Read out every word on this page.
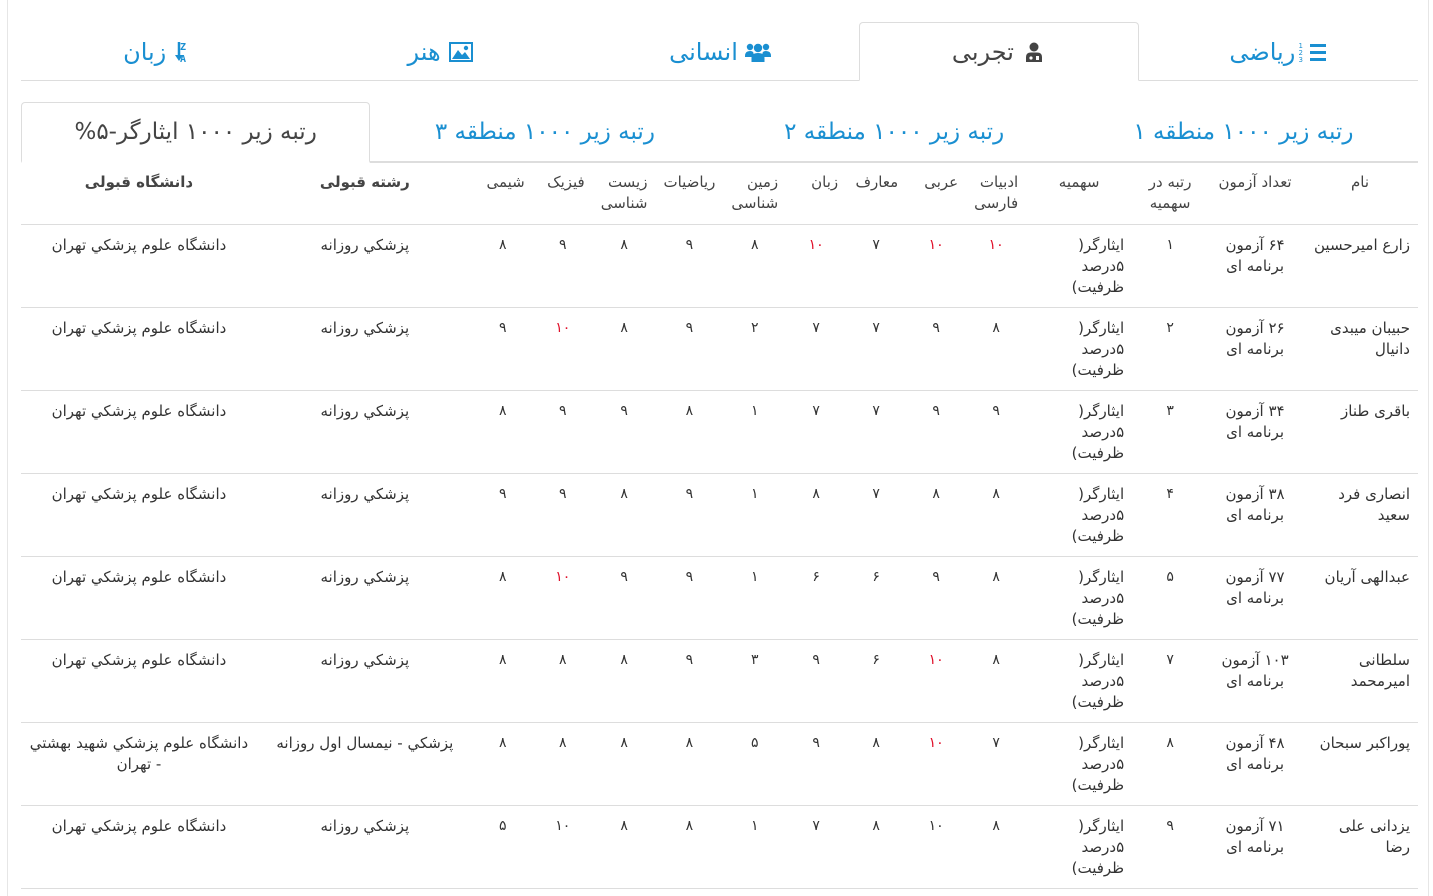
1
2
3
ریاضی
تجربی
انسانی
هنر
Z
A
زبان
رتبه زیر ۱۰۰۰ منطقه ۱
رتبه زیر ۱۰۰۰ منطقه ۲
رتبه زیر ۱۰۰۰ منطقه ۳
رتبه زیر ۱۰۰۰ ایثارگر-۵%
نام	تعداد آزمون	رتبه در سهمیه	سهمیه	ادبیات فارسی	عربی	معارف	زبان	زمین شناسی	ریاضیات	زیست شناسی	فیزیک	شیمی	رشته قبولی	دانشگاه قبولی
زارع امیرحسین	۶۴ آزمون برنامه ای	۱	ایثارگر( ۵درصد ظرفیت)	۱۰	۱۰	۷	۱۰	۸	۹	۸	۹	۸	پزشكي روزانه	دانشگاه علوم پزشكي تهران
حبیبان میبدی دانیال	۲۶ آزمون برنامه ای	۲	ایثارگر( ۵درصد ظرفیت)	۸	۹	۷	۷	۲	۹	۸	۱۰	۹	پزشكي روزانه	دانشگاه علوم پزشكي تهران
باقری طناز	۳۴ آزمون برنامه ای	۳	ایثارگر( ۵درصد ظرفیت)	۹	۹	۷	۷	۱	۸	۹	۹	۸	پزشكي روزانه	دانشگاه علوم پزشكي تهران
انصاری فرد سعید	۳۸ آزمون برنامه ای	۴	ایثارگر( ۵درصد ظرفیت)	۸	۸	۷	۸	۱	۹	۸	۹	۹	پزشكي روزانه	دانشگاه علوم پزشكي تهران
عبدالهی آریان	۷۷ آزمون برنامه ای	۵	ایثارگر( ۵درصد ظرفیت)	۸	۹	۶	۶	۱	۹	۹	۱۰	۸	پزشكي روزانه	دانشگاه علوم پزشكي تهران
سلطانی امیرمحمد	۱۰۳ آزمون برنامه ای	۷	ایثارگر( ۵درصد ظرفیت)	۸	۱۰	۶	۹	۳	۹	۸	۸	۸	پزشكي روزانه	دانشگاه علوم پزشكي تهران
پوراکبر سبحان	۴۸ آزمون برنامه ای	۸	ایثارگر( ۵درصد ظرفیت)	۷	۱۰	۸	۹	۵	۸	۸	۸	۸	پزشكي - نیمسال اول روزانه	دانشگاه علوم پزشكي شهيد بهشتي - تهران
یزدانی علی رضا	۷۱ آزمون برنامه ای	۹	ایثارگر( ۵درصد ظرفیت)	۸	۱۰	۸	۷	۱	۸	۸	۱۰	۵	پزشكي روزانه	دانشگاه علوم پزشكي تهران
